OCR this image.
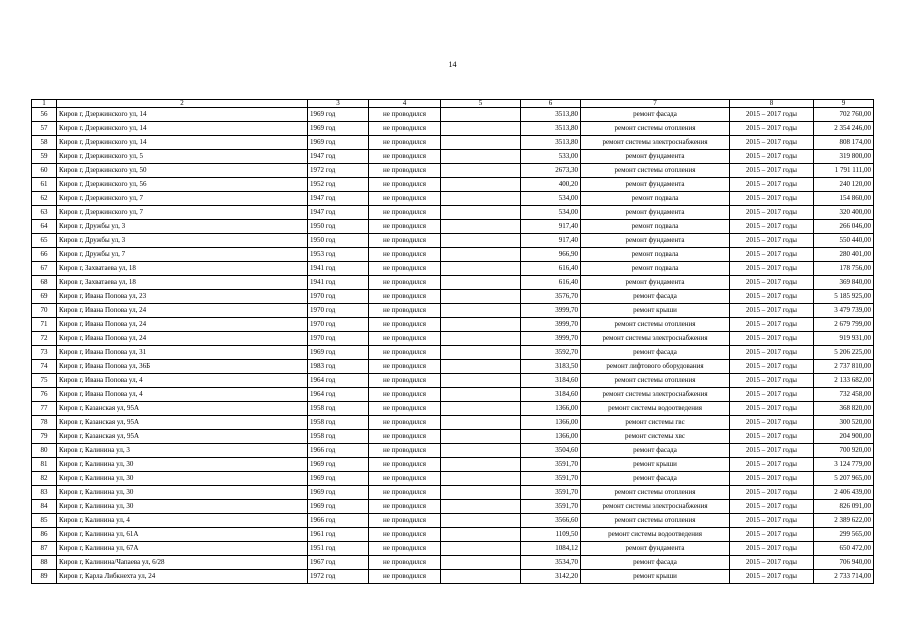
14
1	2	3	4	5	6	7	8	9
56	Киров г, Дзержинского ул, 14	1969 год	не проводился		3513,80	ремонт фасада	2015 – 2017 годы	702 760,00
57	Киров г, Дзержинского ул, 14	1969 год	не проводился		3513,80	ремонт системы отопления	2015 – 2017 годы	2 354 246,00
58	Киров г, Дзержинского ул, 14	1969 год	не проводился		3513,80	ремонт системы электроснабжения	2015 – 2017 годы	808 174,00
59	Киров г, Дзержинского ул, 5	1947 год	не проводился		533,00	ремонт фундамента	2015 – 2017 годы	319 800,00
60	Киров г, Дзержинского ул, 50	1972 год	не проводился		2673,30	ремонт системы отопления	2015 – 2017 годы	1 791 111,00
61	Киров г, Дзержинского ул, 56	1952 год	не проводился		400,20	ремонт фундамента	2015 – 2017 годы	240 120,00
62	Киров г, Дзержинского ул, 7	1947 год	не проводился		534,00	ремонт подвала	2015 – 2017 годы	154 860,00
63	Киров г, Дзержинского ул, 7	1947 год	не проводился		534,00	ремонт фундамента	2015 – 2017 годы	320 400,00
64	Киров г, Дружбы ул, 3	1950 год	не проводился		917,40	ремонт подвала	2015 – 2017 годы	266 046,00
65	Киров г, Дружбы ул, 3	1950 год	не проводился		917,40	ремонт фундамента	2015 – 2017 годы	550 440,00
66	Киров г, Дружбы ул, 7	1953 год	не проводился		966,90	ремонт подвала	2015 – 2017 годы	280 401,00
67	Киров г, Захватаева ул, 18	1941 год	не проводился		616,40	ремонт подвала	2015 – 2017 годы	178 756,00
68	Киров г, Захватаева ул, 18	1941 год	не проводился		616,40	ремонт фундамента	2015 – 2017 годы	369 840,00
69	Киров г, Ивана Попова ул, 23	1970 год	не проводился		3576,70	ремонт фасада	2015 – 2017 годы	5 185 925,00
70	Киров г, Ивана Попова ул, 24	1970 год	не проводился		3999,70	ремонт крыши	2015 – 2017 годы	3 479 739,00
71	Киров г, Ивана Попова ул, 24	1970 год	не проводился		3999,70	ремонт системы отопления	2015 – 2017 годы	2 679 799,00
72	Киров г, Ивана Попова ул, 24	1970 год	не проводился		3999,70	ремонт системы электроснабжения	2015 – 2017 годы	919 931,00
73	Киров г, Ивана Попова ул, 31	1969 год	не проводился		3592,70	ремонт фасада	2015 – 2017 годы	5 206 225,00
74	Киров г, Ивана Попова ул, 36Б	1983 год	не проводился		3183,50	ремонт лифтового оборудования	2015 – 2017 годы	2 737 810,00
75	Киров г, Ивана Попова ул, 4	1964 год	не проводился		3184,60	ремонт системы отопления	2015 – 2017 годы	2 133 682,00
76	Киров г, Ивана Попова ул, 4	1964 год	не проводился		3184,60	ремонт системы электроснабжения	2015 – 2017 годы	732 458,00
77	Киров г, Казанская ул, 95А	1958 год	не проводился		1366,00	ремонт системы водоотведения	2015 – 2017 годы	368 820,00
78	Киров г, Казанская ул, 95А	1958 год	не проводился		1366,00	ремонт системы гвс	2015 – 2017 годы	300 520,00
79	Киров г, Казанская ул, 95А	1958 год	не проводился		1366,00	ремонт системы хвс	2015 – 2017 годы	204 900,00
80	Киров г, Калинина ул, 3	1966 год	не проводился		3504,60	ремонт фасада	2015 – 2017 годы	700 920,00
81	Киров г, Калинина ул, 30	1969 год	не проводился		3591,70	ремонт крыши	2015 – 2017 годы	3 124 779,00
82	Киров г, Калинина ул, 30	1969 год	не проводился		3591,70	ремонт фасада	2015 – 2017 годы	5 207 965,00
83	Киров г, Калинина ул, 30	1969 год	не проводился		3591,70	ремонт системы отопления	2015 – 2017 годы	2 406 439,00
84	Киров г, Калинина ул, 30	1969 год	не проводился		3591,70	ремонт системы электроснабжения	2015 – 2017 годы	826 091,00
85	Киров г, Калинина ул, 4	1966 год	не проводился		3566,60	ремонт системы отопления	2015 – 2017 годы	2 389 622,00
86	Киров г, Калинина ул, 61А	1961 год	не проводился		1109,50	ремонт системы водоотведения	2015 – 2017 годы	299 565,00
87	Киров г, Калинина ул, 67А	1951 год	не проводился		1084,12	ремонт фундамента	2015 – 2017 годы	650 472,00
88	Киров г, Калинина/Чапаева ул, 6/28	1967 год	не проводился		3534,70	ремонт фасада	2015 – 2017 годы	706 940,00
89	Киров г, Карла Либкнехта ул, 24	1972 год	не проводился		3142,20	ремонт крыши	2015 – 2017 годы	2 733 714,00
